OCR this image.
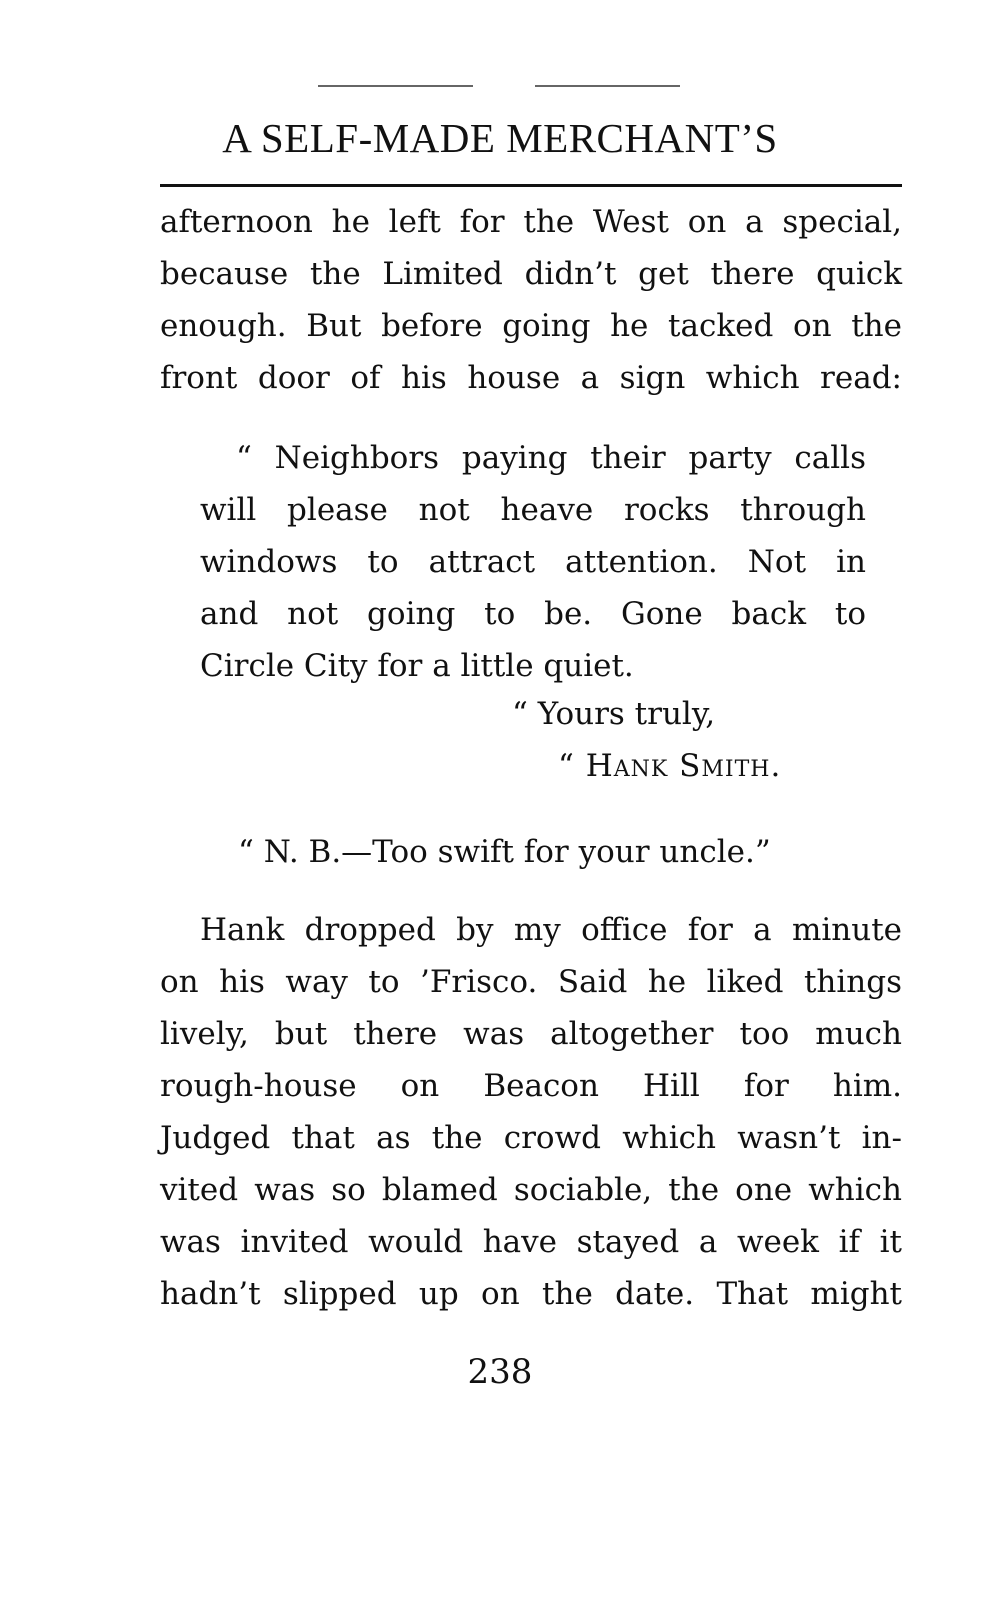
A SELF-MADE MERCHANT’S
afternoon he left for the West on a special,
because the Limited didn’t get there quick
enough. But before going he tacked on the
front door of his house a sign which read:
“ Neighbors paying their party calls
will please not heave rocks through
windows to attract attention. Not in
and not going to be. Gone back to
Circle City for a little quiet.
“ Yours truly,
“ Hank Smith.
“ N. B.—Too swift for your uncle.”
Hank dropped by my office for a minute
on his way to ’Frisco. Said he liked things
lively, but there was altogether too much
rough-house on Beacon Hill for him.
Judged that as the crowd which wasn’t in-
vited was so blamed sociable, the one which
was invited would have stayed a week if it
hadn’t slipped up on the date. That might
238
